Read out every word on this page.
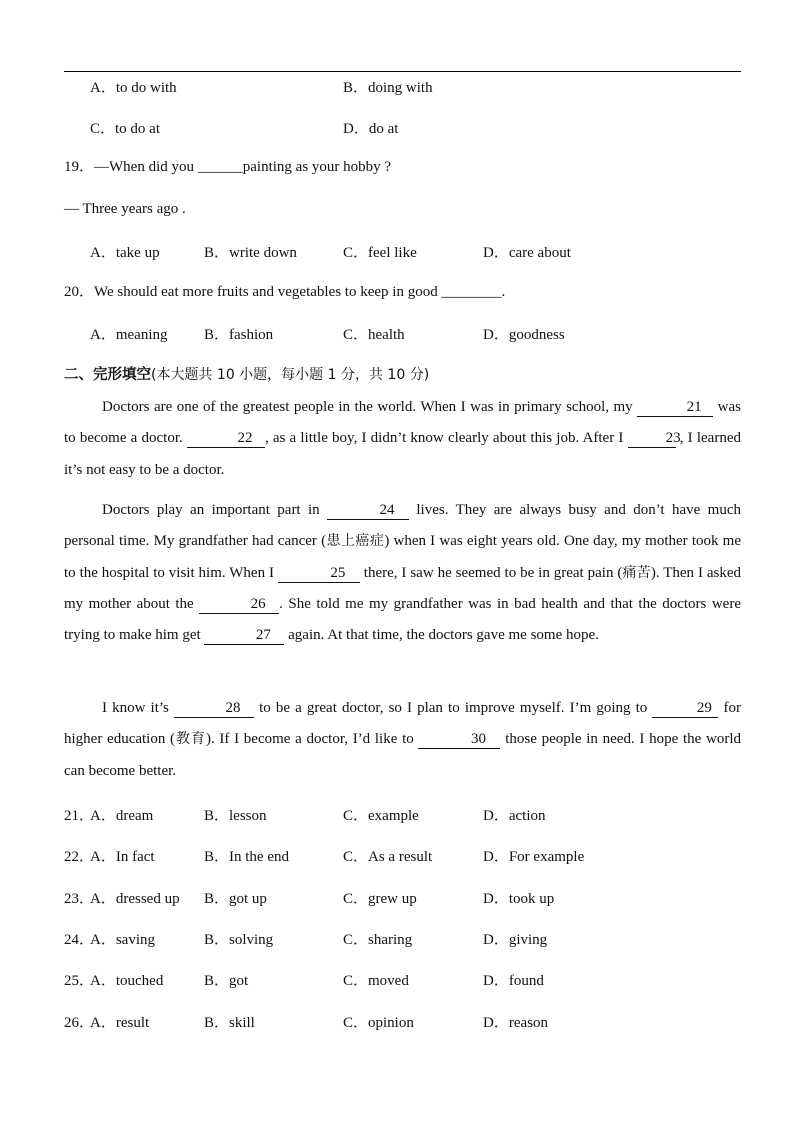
A．to do with	B．doing with
C．to do at	D．do at
19．—When did you ______painting as your hobby ?
— Three years ago .
A．take up	B．write down	C．feel like	D．care about
20．We should eat more fruits and vegetables to keep in good ________.
A．meaning B．fashion	C．health	D．goodness
二、完形填空(本大题共 10 小题，每小题 1 分，共 10 分)

Doctors are one of the greatest people in the world. When I was in primary school, my	21 was to become a doctor.	22 , as a little boy, I didn’t know clearly about this job. After I	23 , I learned it’s not easy to be a doctor.

Doctors play an important part in	24 lives. They are always busy and don’t have much personal time. My grandfather had cancer (患上癌症) when I was eight years old. One day, my mother took me to the hospital to visit him. When I	25 there, I saw he seemed to be in great pain (痛苦). Then I asked my mother about the	26 . She told me my grandfather was in bad health and that the doctors were trying to make him get	27 again. At that time, the doctors gave me some hope.

I know it’s	28 to be a great doctor, so I plan to improve myself. I’m going to	29 for higher education (教育). If I become a doctor, I’d like to	30 those people in need. I hope the world can become better.

21．
A．dream	B．lesson	C．example	D．action
22．
A．In fact	B．In the end	C．As a result	D．For example
23．
A．dressed up B．got up	C．grew up	D．took up
24．
A．saving	B．solving	C．sharing	D．giving
25．
A．touched	B．got	C．moved	D．found
26．
A．result	B．skill	C．opinion	D．reason
